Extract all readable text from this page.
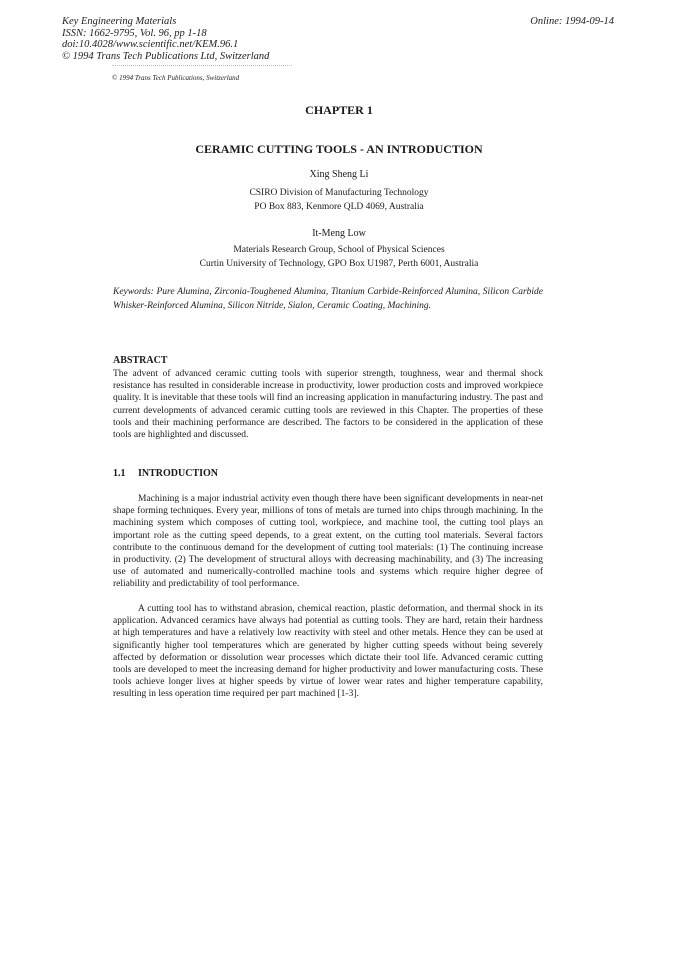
Key Engineering Materials
ISSN: 1662-9795, Vol. 96, pp 1-18
doi:10.4028/www.scientific.net/KEM.96.1
© 1994 Trans Tech Publications Ltd, Switzerland
Online: 1994-09-14
© 1994 Trans Tech Publications, Switzerland
CHAPTER 1
CERAMIC CUTTING TOOLS - AN INTRODUCTION
Xing Sheng Li
CSIRO Division of Manufacturing Technology
PO Box 883, Kenmore QLD 4069, Australia
It-Meng Low
Materials Research Group, School of Physical Sciences
Curtin University of Technology, GPO Box U1987, Perth 6001, Australia
Keywords: Pure Alumina, Zirconia-Toughened Alumina, Titanium Carbide-Reinforced Alumina, Silicon Carbide Whisker-Reinforced Alumina, Silicon Nitride, Sialon, Ceramic Coating, Machining.
ABSTRACT
The advent of advanced ceramic cutting tools with superior strength, toughness, wear and thermal shock resistance has resulted in considerable increase in productivity, lower production costs and improved workpiece quality. It is inevitable that these tools will find an increasing application in manufacturing industry. The past and current developments of advanced ceramic cutting tools are reviewed in this Chapter. The properties of these tools and their machining performance are described. The factors to be considered in the application of these tools are highlighted and discussed.
1.1 INTRODUCTION
Machining is a major industrial activity even though there have been significant developments in near-net shape forming techniques. Every year, millions of tons of metals are turned into chips through machining. In the machining system which composes of cutting tool, workpiece, and machine tool, the cutting tool plays an important role as the cutting speed depends, to a great extent, on the cutting tool materials. Several factors contribute to the continuous demand for the development of cutting tool materials: (1) The continuing increase in productivity. (2) The development of structural alloys with decreasing machinability, and (3) The increasing use of automated and numerically-controlled machine tools and systems which require higher degree of reliability and predictability of tool performance.
A cutting tool has to withstand abrasion, chemical reaction, plastic deformation, and thermal shock in its application. Advanced ceramics have always had potential as cutting tools. They are hard, retain their hardness at high temperatures and have a relatively low reactivity with steel and other metals. Hence they can be used at significantly higher tool temperatures which are generated by higher cutting speeds without being severely affected by deformation or dissolution wear processes which dictate their tool life. Advanced ceramic cutting tools are developed to meet the increasing demand for higher productivity and lower manufacturing costs. These tools achieve longer lives at higher speeds by virtue of lower wear rates and higher temperature capability, resulting in less operation time required per part machined [1-3].
